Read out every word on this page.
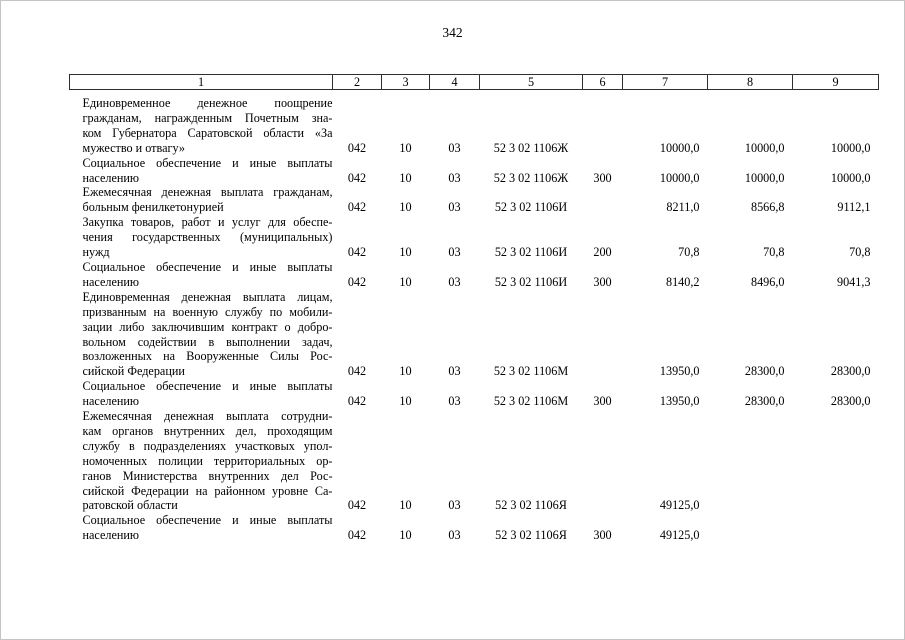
342
1	2	3	4	5	6	7	8	9

Единовременное денежное поощрение
гражданам, награжденным Почетным зна-
ком Губернатора Саратовской области «За
мужество и отвагу»	042	10	03	52 3 02 1106Ж		10000,0	10000,0	10000,0

Социальное обеспечение и иные выплаты
населению	042	10	03	52 3 02 1106Ж	300	10000,0	10000,0	10000,0

Ежемесячная денежная выплата гражданам,
больным фенилкетонурией	042	10	03	52 3 02 1106И		8211,0	8566,8	9112,1

Закупка товаров, работ и услуг для обеспе-
чения государственных (муниципальных)
нужд	042	10	03	52 3 02 1106И	200	70,8	70,8	70,8

Социальное обеспечение и иные выплаты
населению	042	10	03	52 3 02 1106И	300	8140,2	8496,0	9041,3

Единовременная денежная выплата лицам,
призванным на военную службу по мобили-
зации либо заключившим контракт о добро-
вольном содействии в выполнении задач,
возложенных на Вооруженные Силы Рос-
сийской Федерации	042	10	03	52 3 02 1106М		13950,0	28300,0	28300,0

Социальное обеспечение и иные выплаты
населению	042	10	03	52 3 02 1106М	300	13950,0	28300,0	28300,0

Ежемесячная денежная выплата сотрудни-
кам органов внутренних дел, проходящим
службу в подразделениях участковых упол-
номоченных полиции территориальных ор-
ганов Министерства внутренних дел Рос-
сийской Федерации на районном уровне Са-
ратовской области	042	10	03	52 3 02 1106Я		49125,0		

Социальное обеспечение и иные выплаты
населению	042	10	03	52 3 02 1106Я	300	49125,0		
